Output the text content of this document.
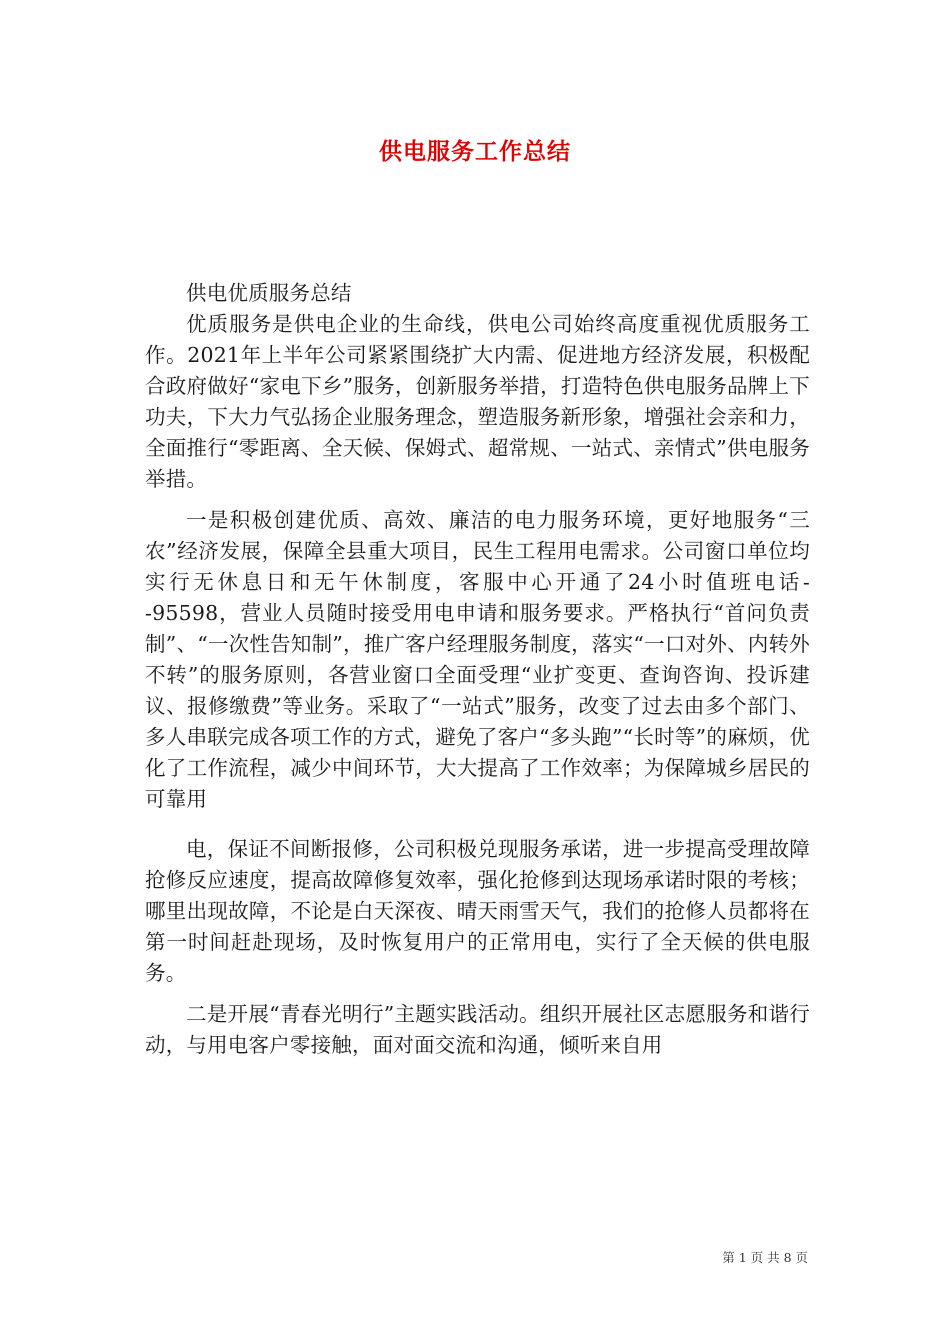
供电服务工作总结

供电优质服务总结

优质服务是供电企业的生命线，供电公司始终高度重视优质服务工作。2021年上半年公司紧紧围绕扩大内需、促进地方经济发展，积极配合政府做好“家电下乡”服务，创新服务举措，打造特色供电服务品牌上下功夫，下大力气弘扬企业服务理念，塑造服务新形象，增强社会亲和力，全面推行“零距离、全天候、保姆式、超常规、一站式、亲情式”供电服务举措。

一是积极创建优质、高效、廉洁的电力服务环境，更好地服务“三农”经济发展，保障全县重大项目，民生工程用电需求。公司窗口单位均实行无休息日和无午休制度，客服中心开通了24小时值班电话--95598，营业人员随时接受用电申请和服务要求。严格执行“首问负责制”、“一次性告知制”，推广客户经理服务制度，落实“一口对外、内转外不转”的服务原则，各营业窗口全面受理“业扩变更、查询咨询、投诉建议、报修缴费”等业务。采取了“一站式”服务，改变了过去由多个部门、多人串联完成各项工作的方式，避免了客户“多头跑”“长时等”的麻烦，优化了工作流程，减少中间环节，大大提高了工作效率；为保障城乡居民的可靠用

电，保证不间断报修，公司积极兑现服务承诺，进一步提高受理故障抢修反应速度，提高故障修复效率，强化抢修到达现场承诺时限的考核；哪里出现故障，不论是白天深夜、晴天雨雪天气，我们的抢修人员都将在第一时间赶赴现场，及时恢复用户的正常用电，实行了全天候的供电服务。

二是开展“青春光明行”主题实践活动。组织开展社区志愿服务和谐行动，与用电客户零接触，面对面交流和沟通，倾听来自用

第 1 页 共 8 页
